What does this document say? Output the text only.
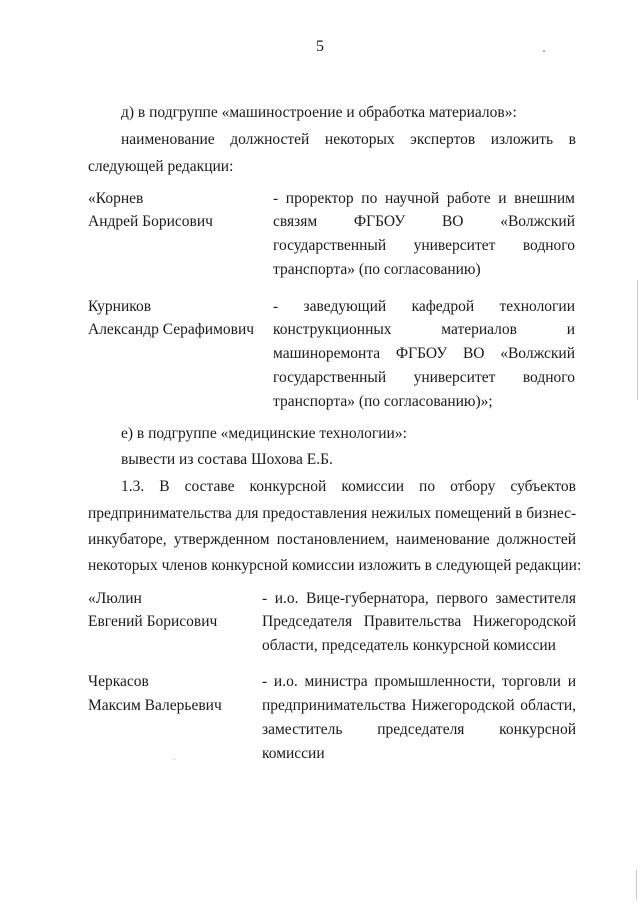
5
д) в подгруппе «машиностроение и обработка материалов»:
наименование должностей некоторых экспертов изложить в
следующей редакции:
«Корнев
Андрей Борисович
- проректор по научной работе и внешним
связям ФГБОУ ВО «Волжский
государственный университет водного
транспорта» (по согласованию)
Курников
Александр Серафимович
- заведующий кафедрой технологии
конструкционных материалов и
машиноремонта ФГБОУ ВО «Волжский
государственный университет водного
транспорта» (по согласованию)»;
е) в подгруппе «медицинские технологии»:
вывести из состава Шохова Е.Б.
1.3. В составе конкурсной комиссии по отбору субъектов
предпринимательства для предоставления нежилых помещений в бизнес-
инкубаторе, утвержденном постановлением, наименование должностей
некоторых членов конкурсной комиссии изложить в следующей редакции:
«Люлин
Евгений Борисович
- и.о. Вице-губернатора, первого заместителя
Председателя Правительства Нижегородской
области, председатель конкурсной комиссии
Черкасов
Максим Валерьевич
- и.о. министра промышленности, торговли и
предпринимательства Нижегородской области,
заместитель председателя конкурсной
комиссии
